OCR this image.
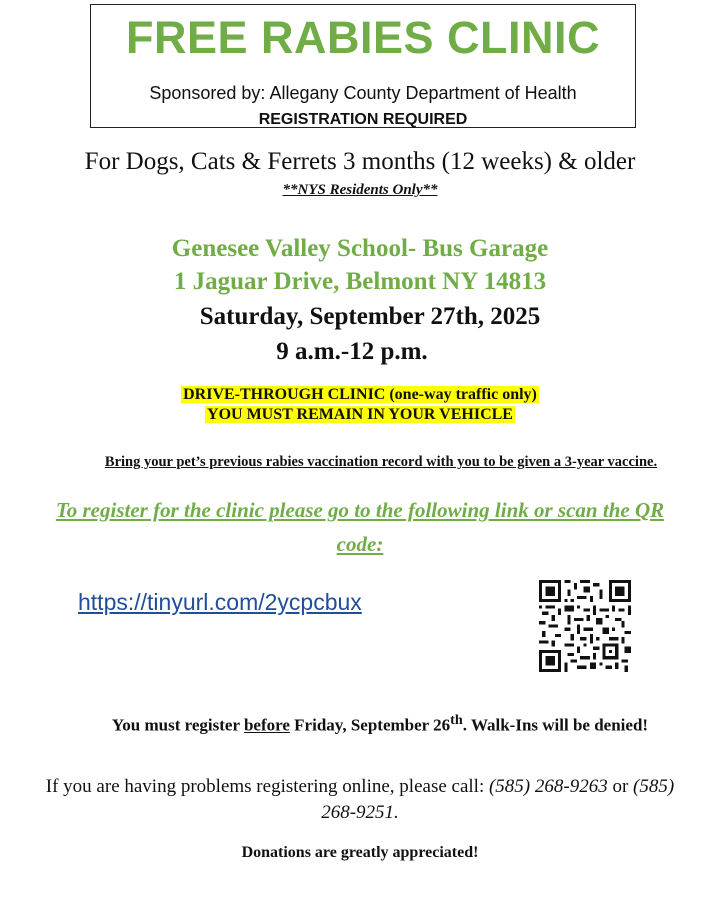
FREE RABIES CLINIC
Sponsored by: Allegany County Department of Health
REGISTRATION REQUIRED
For Dogs, Cats & Ferrets 3 months (12 weeks) & older
**NYS Residents Only**
Genesee Valley School- Bus Garage
1 Jaguar Drive, Belmont NY 14813
Saturday, September 27th, 2025
9 a.m.-12 p.m.
DRIVE-THROUGH CLINIC (one-way traffic only)
YOU MUST REMAIN IN YOUR VEHICLE
Bring your pet’s previous rabies vaccination record with you to be given a 3-year vaccine.
To register for the clinic please go to the following link or scan the QR code:
https://tinyurl.com/2ycpcbux
You must register before Friday, September 26th. Walk-Ins will be denied!
If you are having problems registering online, please call: (585) 268-9263 or (585) 268-9251.
Donations are greatly appreciated!
